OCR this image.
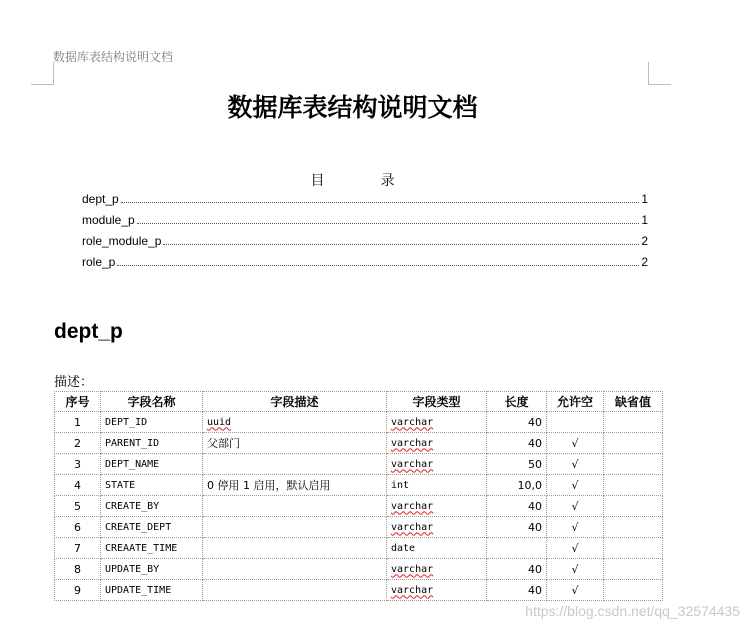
数据库表结构说明文档
数据库表结构说明文档
目	录
dept_p	1
module_p	1
role_module_p	2
role_p	2
dept_p
描述：
序号	字段名称	字段描述	字段类型	长度	允许空	缺省值
1	DEPT_ID	uuid	varchar	40		
2	PARENT_ID	父部门	varchar	40	√	
3	DEPT_NAME		varchar	50	√	
4	STATE	0 停用 1 启用，默认启用	int	10,0	√	
5	CREATE_BY		varchar	40	√	
6	CREATE_DEPT		varchar	40	√	
7	CREAATE_TIME		date		√	
8	UPDATE_BY		varchar	40	√	
9	UPDATE_TIME		varchar	40	√	
https://blog.csdn.net/qq_32574435
